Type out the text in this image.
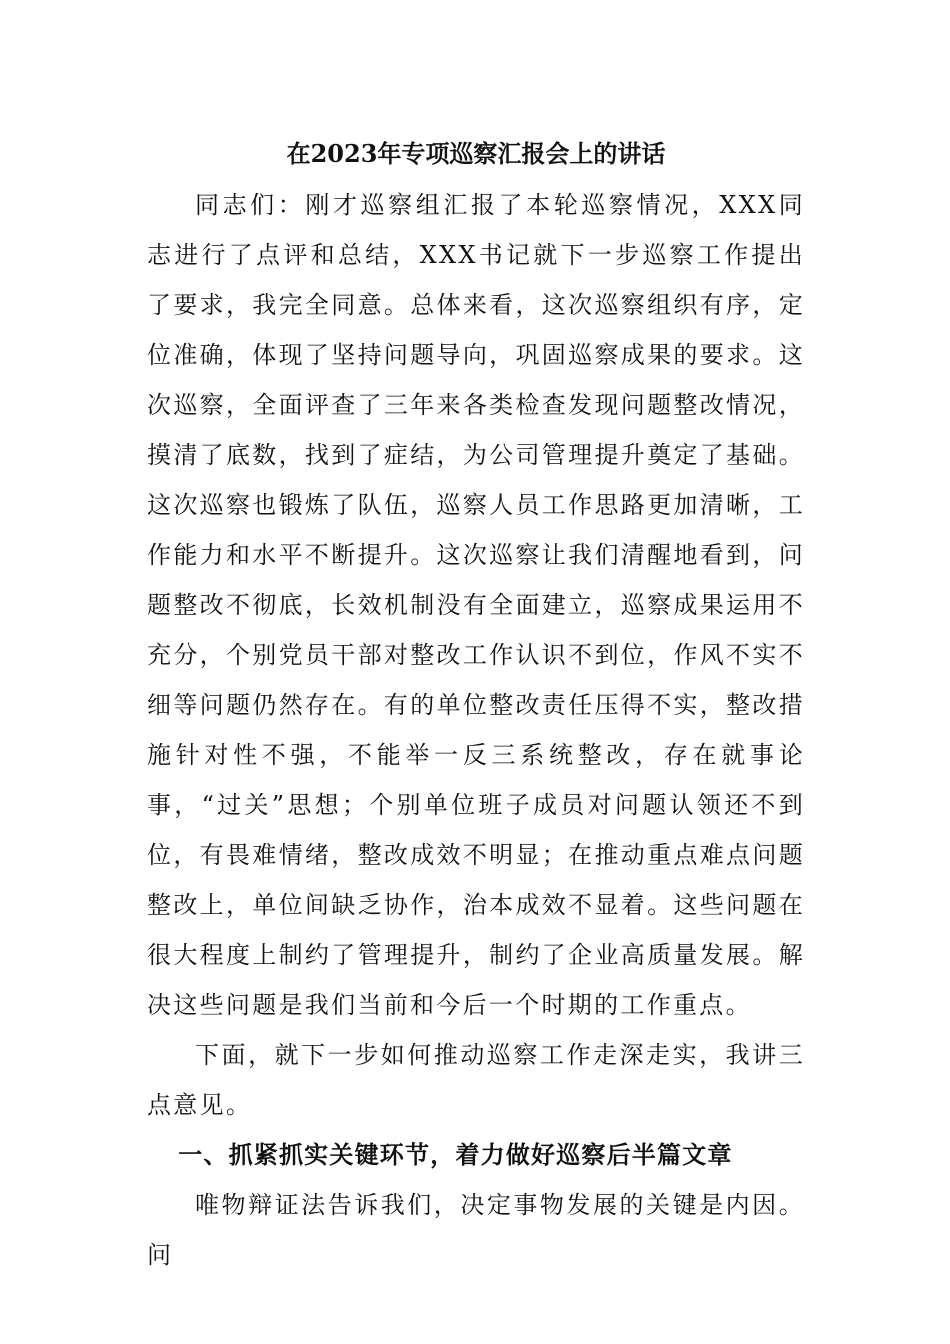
在2023年专项巡察汇报会上的讲话

同志们：刚才巡察组汇报了本轮巡察情况，XXX同志进行了点评和总结，XXX书记就下一步巡察工作提出了要求，我完全同意。总体来看，这次巡察组织有序，定位准确，体现了坚持问题导向，巩固巡察成果的要求。这次巡察，全面评查了三年来各类检查发现问题整改情况，摸清了底数，找到了症结，为公司管理提升奠定了基础。这次巡察也锻炼了队伍，巡察人员工作思路更加清晰，工作能力和水平不断提升。这次巡察让我们清醒地看到，问题整改不彻底，长效机制没有全面建立，巡察成果运用不充分，个别党员干部对整改工作认识不到位，作风不实不细等问题仍然存在。有的单位整改责任压得不实，整改措施针对性不强，不能举一反三系统整改，存在就事论事，“过关”思想；个别单位班子成员对问题认领还不到位，有畏难情绪，整改成效不明显；在推动重点难点问题整改上，单位间缺乏协作，治本成效不显着。这些问题在很大程度上制约了管理提升，制约了企业高质量发展。解决这些问题是我们当前和今后一个时期的工作重点。

下面，就下一步如何推动巡察工作走深走实，我讲三点意见。

一、抓紧抓实关键环节，着力做好巡察后半篇文章

唯物辩证法告诉我们，决定事物发展的关键是内因。问
